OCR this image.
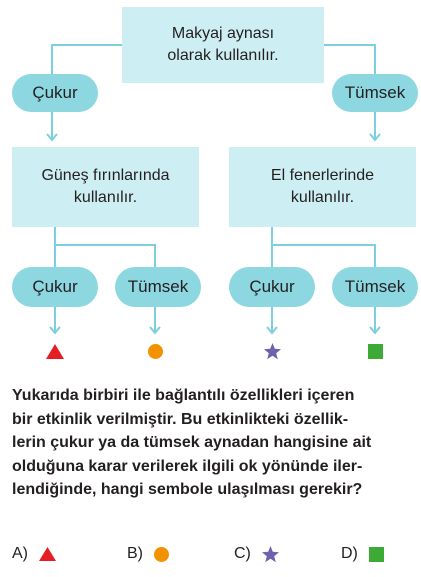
Makyaj aynası
olarak kullanılır.
Çukur	Tümsek
Güneş fırınlarında
kullanılır.
El fenerlerinde
kullanılır.
Çukur	Tümsek	Çukur	Tümsek
Yukarıda birbiri ile bağlantılı özellikleri içeren
bir etkinlik verilmiştir. Bu etkinlikteki özellik-
lerin çukur ya da tümsek aynadan hangisine ait
olduğuna karar verilerek ilgili ok yönünde iler-
lendiğinde, hangi sembole ulaşılması gerekir?
A)	B)	C)	D)
